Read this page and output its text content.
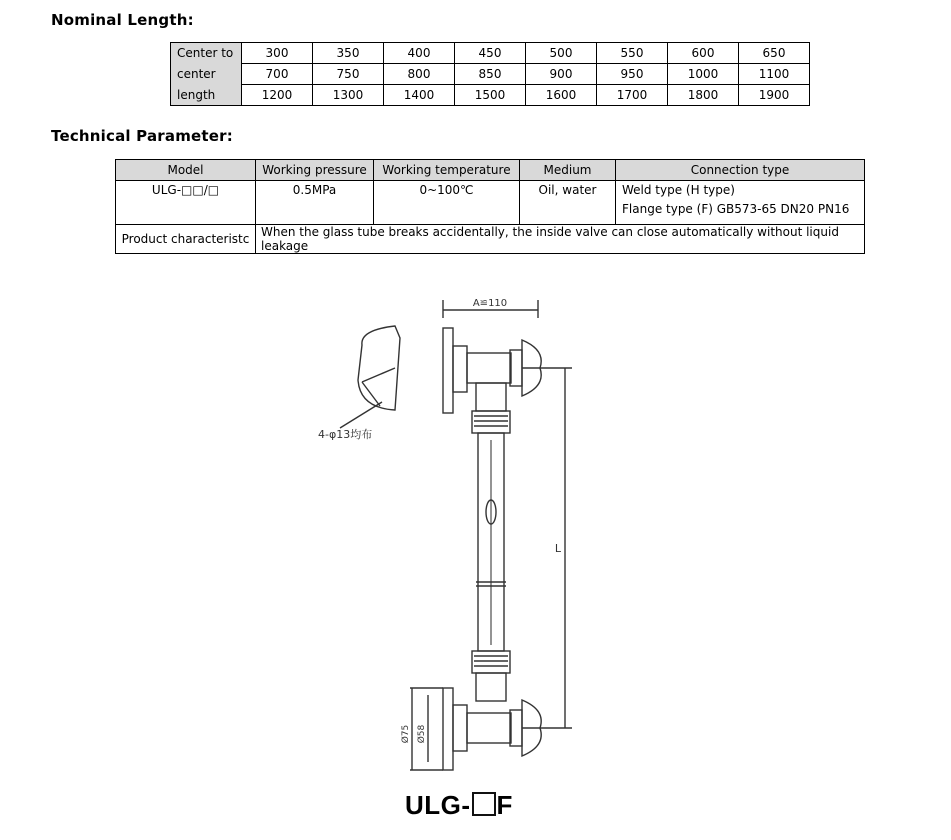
Nominal Length:
Center to	300	350	400	450	500	550	600	650
center	700	750	800	850	900	950	1000	1100
length	1200	1300	1400	1500	1600	1700	1800	1900
Technical Parameter:
Model	Working pressure	Working temperature	Medium	Connection type
ULG-□□/□	0.5MPa	0~100℃	Oil, water	Weld type (H type)
Flange type (F) GB573-65 DN20 PN16

Product characteristc	When the glass tube breaks accidentally, the inside valve can close automatically without liquid leakage			
A≌110
4-φ13均布
Ø75 Ø58
L
ULG- F
